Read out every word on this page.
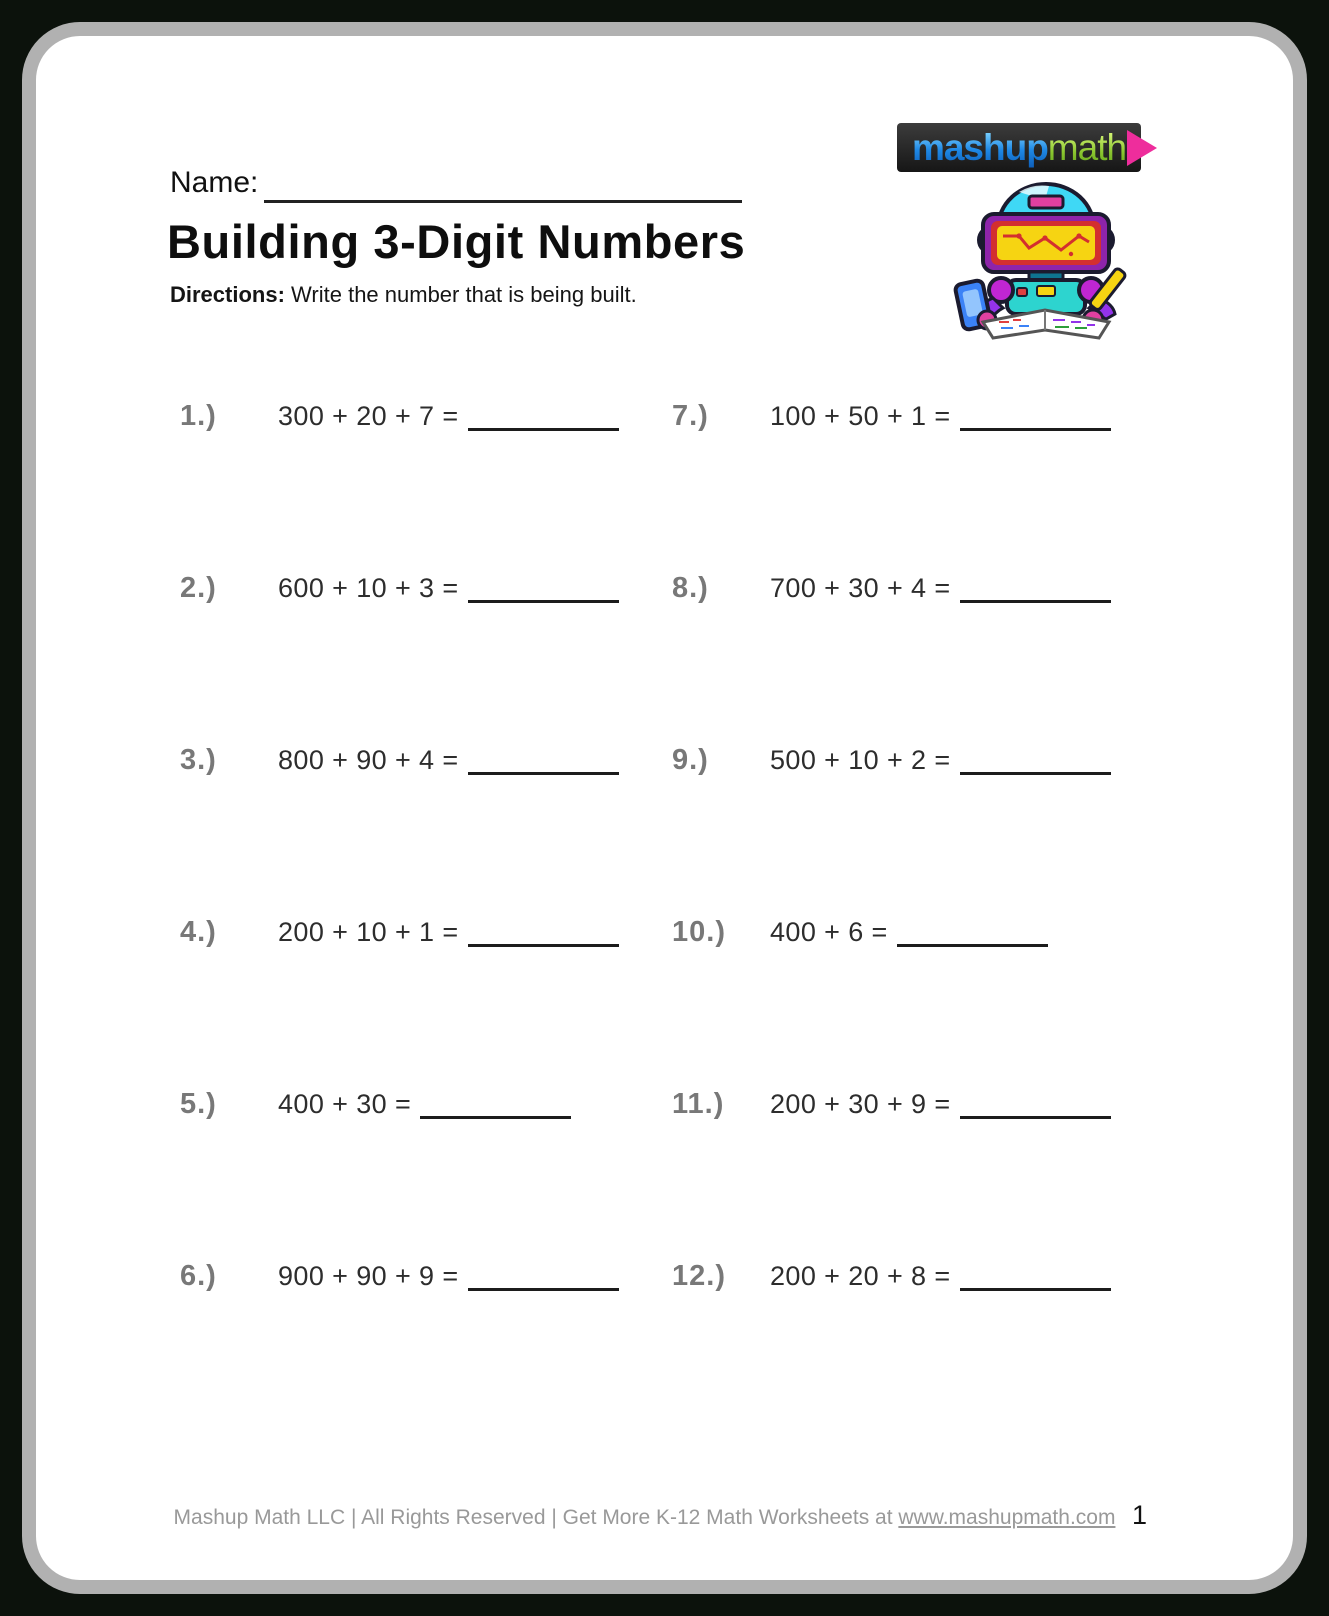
Name:
mashup math
Building 3-Digit Numbers

Directions: Write the number that is being built.

1.)	300 + 20 + 7 =
2.)	600 + 10 + 3 =
3.)	800 + 90 + 4 =
4.)	200 + 10 + 1 =
5.)	400 + 30 =
6.)	900 + 90 + 9 =
7.)	100 + 50 + 1 =
8.)	700 + 30 + 4 =
9.)	500 + 10 + 2 =
10.)	400 + 6 =
11.)	200 + 30 + 9 =
12.)	200 + 20 + 8 =
Mashup Math LLC | All Rights Reserved | Get More K-12 Math Worksheets at www.mashupmath.com 1
